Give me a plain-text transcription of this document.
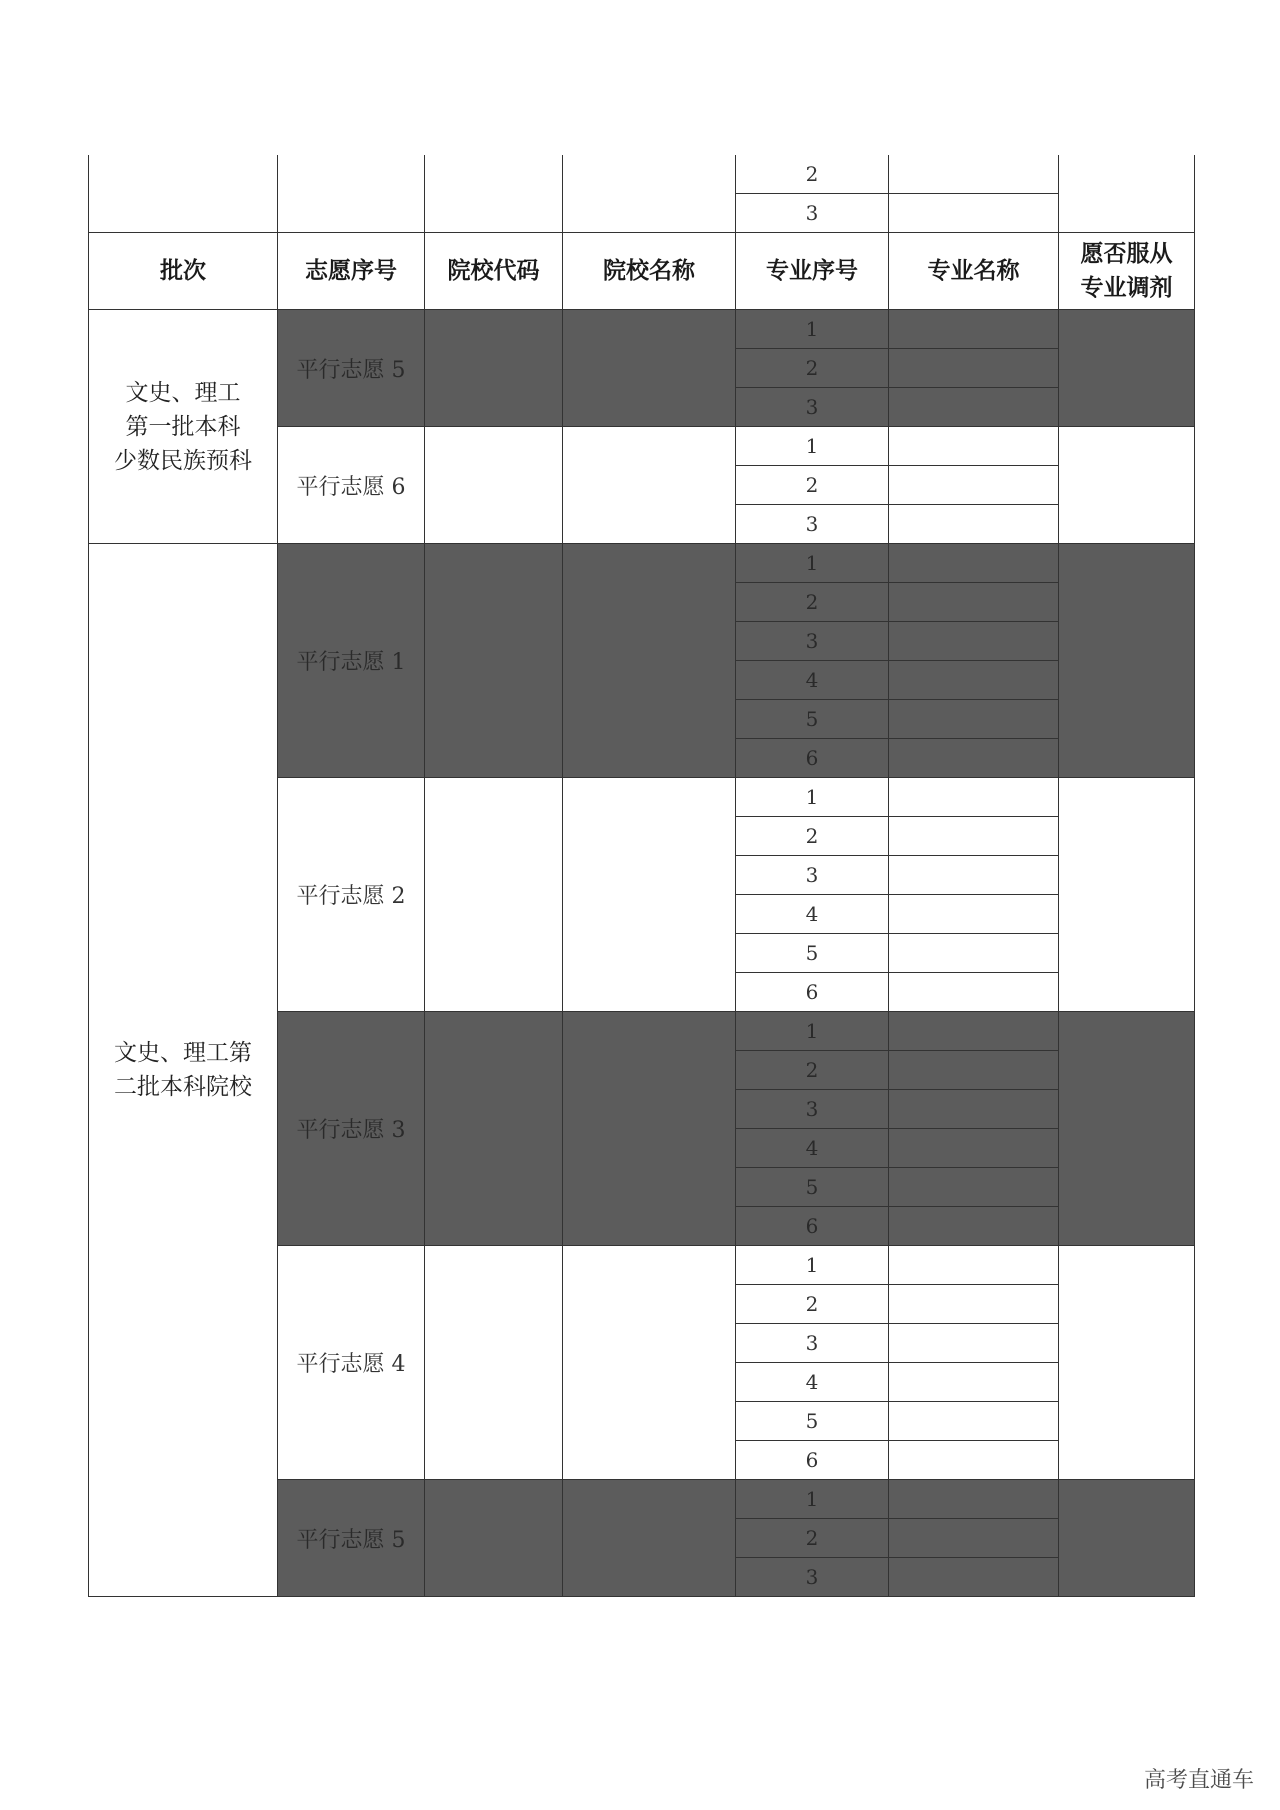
				2		
				3		
批次	志愿序号	院校代码	院校名称	专业序号	专业名称	愿否服从
专业调剂

文史、理工
第一批本科
少数民族预科	平行志愿 5			1		
				2		
				3		
	平行志愿 6			1		
				2		
				3		

文史、理工第
二批本科院校	平行志愿 1			1		
				2		
				3		
				4		
				5		
				6		
	平行志愿 2			1		
				2		
				3		
				4		
				5		
				6		
	平行志愿 3			1		
				2		
				3		
				4		
				5		
				6		
	平行志愿 4			1		
				2		
				3		
				4		
				5		
				6		
	平行志愿 5			1		
				2		
				3		
高考直通车
